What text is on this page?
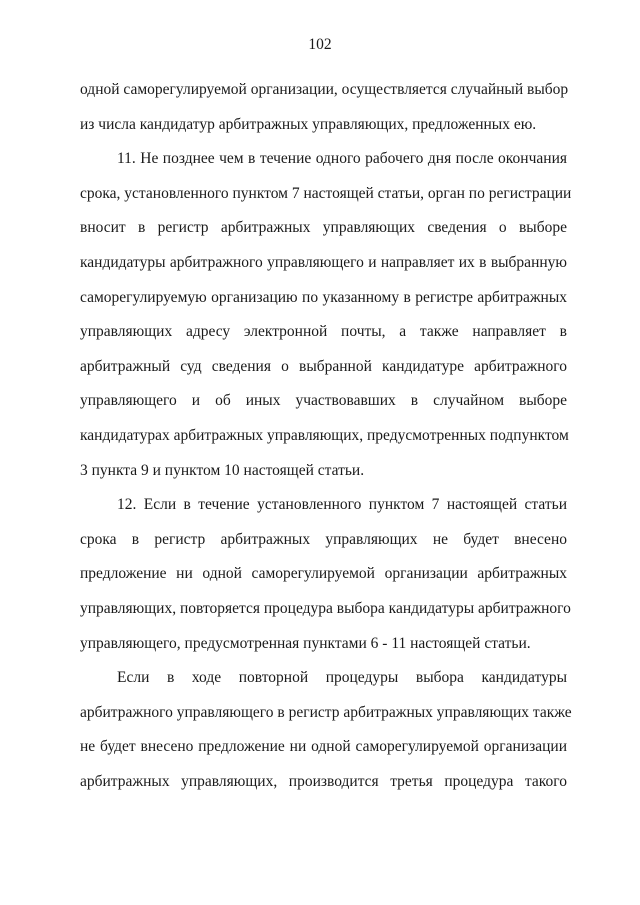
102
одной саморегулируемой организации, осуществляется случайный выбор
из числа кандидатур арбитражных управляющих, предложенных ею.
11. Не позднее чем в течение одного рабочего дня после окончания
срока, установленного пунктом 7 настоящей статьи, орган по регистрации
вносит в регистр арбитражных управляющих сведения о выборе
кандидатуры арбитражного управляющего и направляет их в выбранную
саморегулируемую организацию по указанному в регистре арбитражных
управляющих адресу электронной почты, а также направляет в
арбитражный суд сведения о выбранной кандидатуре арбитражного
управляющего и об иных участвовавших в случайном выборе
кандидатурах арбитражных управляющих, предусмотренных подпунктом
3 пункта 9 и пунктом 10 настоящей статьи.
12. Если в течение установленного пунктом 7 настоящей статьи
срока в регистр арбитражных управляющих не будет внесено
предложение ни одной саморегулируемой организации арбитражных
управляющих, повторяется процедура выбора кандидатуры арбитражного
управляющего, предусмотренная пунктами 6 - 11 настоящей статьи.
Если в ходе повторной процедуры выбора кандидатуры
арбитражного управляющего в регистр арбитражных управляющих также
не будет внесено предложение ни одной саморегулируемой организации
арбитражных управляющих, производится третья процедура такого
